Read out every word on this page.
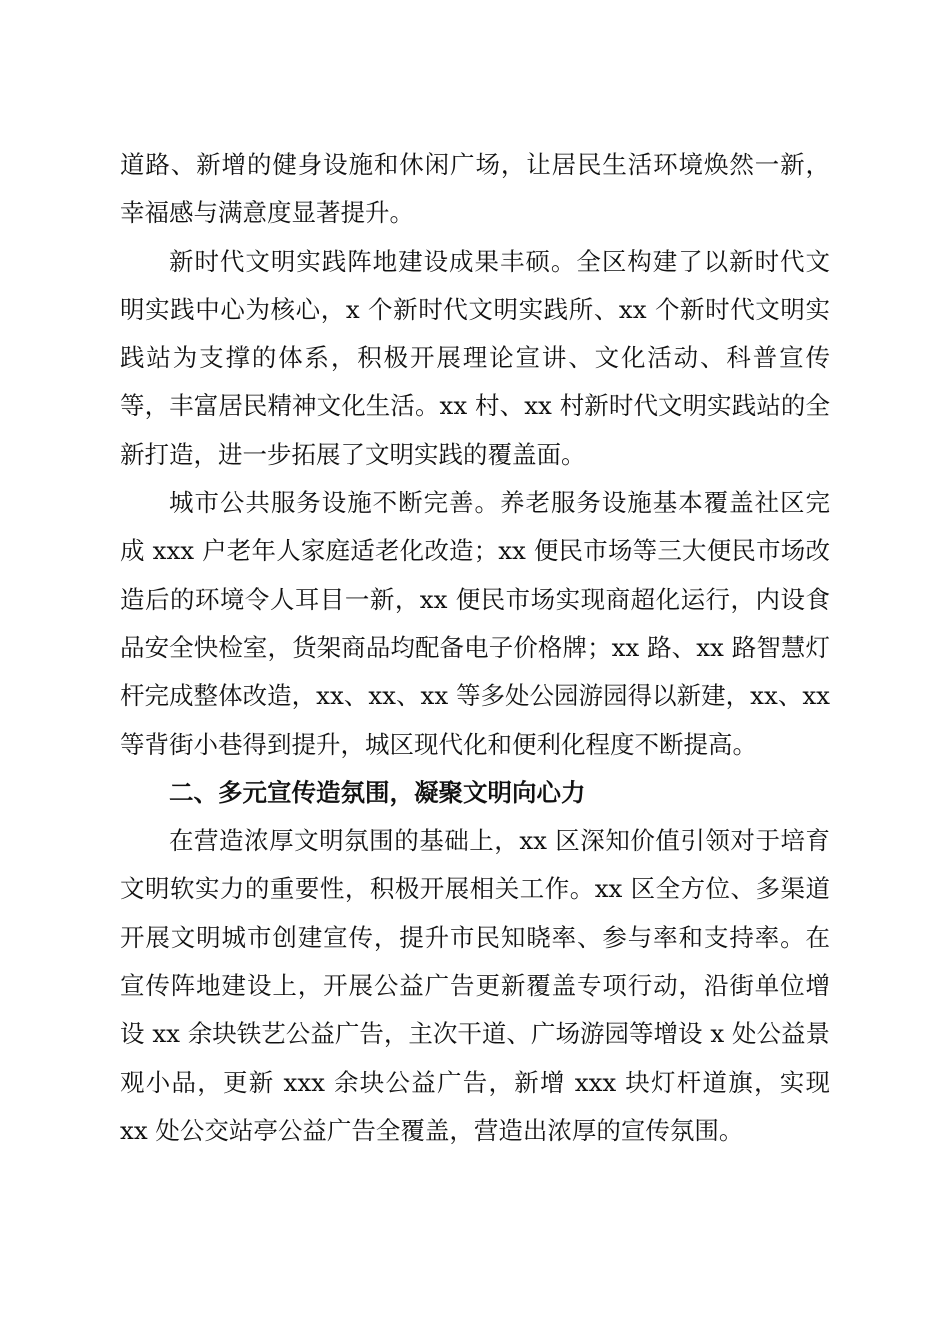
道路、新增的健身设施和休闲广场，让居民生活环境焕然一新，幸福感与满意度显著提升。

新时代文明实践阵地建设成果丰硕。全区构建了以新时代文明实践中心为核心，x 个新时代文明实践所、xx 个新时代文明实践站为支撑的体系，积极开展理论宣讲、文化活动、科普宣传等，丰富居民精神文化生活。xx 村、xx 村新时代文明实践站的全新打造，进一步拓展了文明实践的覆盖面。

城市公共服务设施不断完善。养老服务设施基本覆盖社区完成 xxx 户老年人家庭适老化改造；xx 便民市场等三大便民市场改造后的环境令人耳目一新，xx 便民市场实现商超化运行，内设食品安全快检室，货架商品均配备电子价格牌；xx 路、xx 路智慧灯杆完成整体改造，xx、xx、xx 等多处公园游园得以新建，xx、xx 等背街小巷得到提升，城区现代化和便利化程度不断提高。

二、多元宣传造氛围，凝聚文明向心力

在营造浓厚文明氛围的基础上，xx 区深知价值引领对于培育文明软实力的重要性，积极开展相关工作。xx 区全方位、多渠道开展文明城市创建宣传，提升市民知晓率、参与率和支持率。在宣传阵地建设上，开展公益广告更新覆盖专项行动，沿街单位增设 xx 余块铁艺公益广告，主次干道、广场游园等增设 x 处公益景观小品，更新 xxx 余块公益广告，新增 xxx 块灯杆道旗，实现 xx 处公交站亭公益广告全覆盖，营造出浓厚的宣传氛围。
